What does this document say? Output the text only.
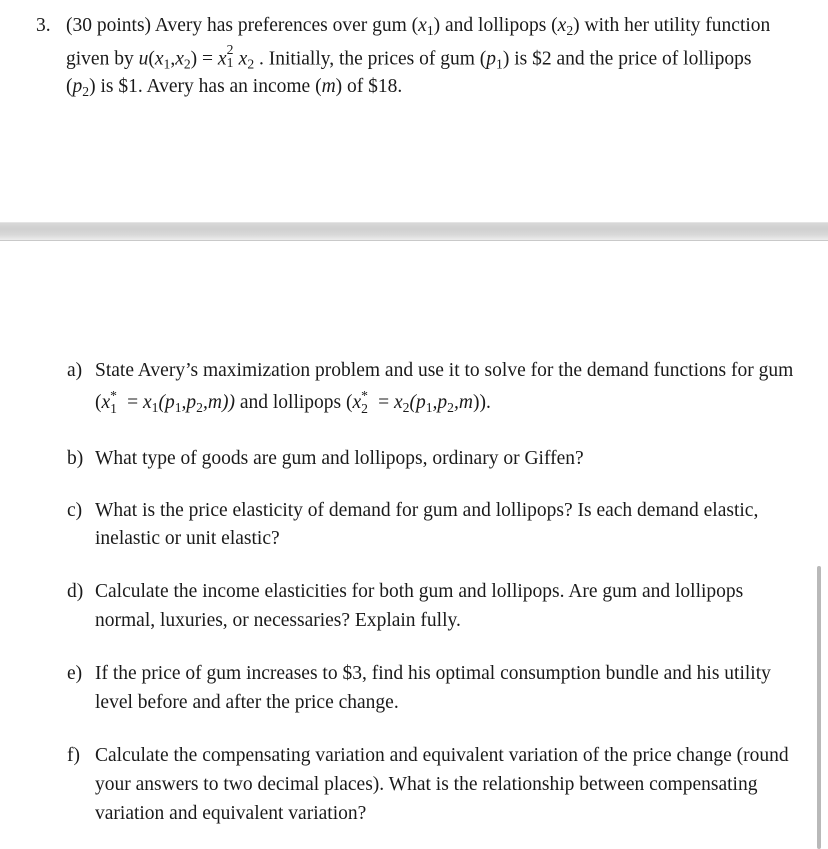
3. (30 points) Avery has preferences over gum $(x_1)$ and lollipops $(x_2)$ with her utility function
given by $u(x_1,x_2) = x$ 2
1 $x_2$ . Initially, the prices of gum $(p_1)$ is $2 and the price of lollipops
$(p_2)$ is $1. Avery has an income (m) of $18.
a) State Avery’s maximization problem and use it to solve for the demand functions for gum
(x *
$1 = x_1(p_1,p_2,m)$) and lollipops (x *
$2 = x_2(p_1,p_2,m)$).
b) What type of goods are gum and lollipops, ordinary or Giffen?
c) What is the price elasticity of demand for gum and lollipops? Is each demand elastic,
inelastic or unit elastic?
d) Calculate the income elasticities for both gum and lollipops. Are gum and lollipops
normal, luxuries, or necessaries? Explain fully.
e) If the price of gum increases to $3, find his optimal consumption bundle and his utility
level before and after the price change.
f) Calculate the compensating variation and equivalent variation of the price change (round
your answers to two decimal places). What is the relationship between compensating
variation and equivalent variation?
